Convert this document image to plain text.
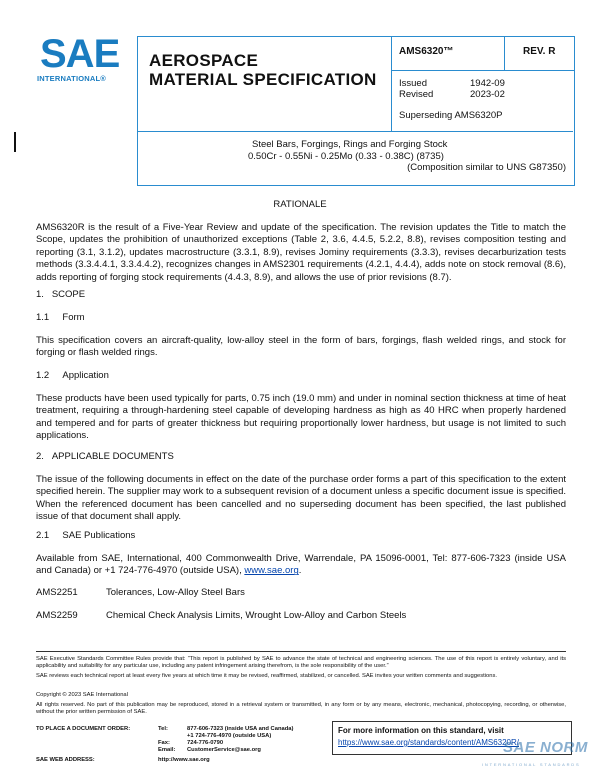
SAE
INTERNATIONAL®
AEROSPACE
MATERIAL SPECIFICATION
AMS6320™	REV. R
Issued	1942-09
Revised	2023-02
Superseding AMS6320P
Steel Bars, Forgings, Rings and Forging Stock
0.50Cr - 0.55Ni - 0.25Mo (0.33 - 0.38C) (8735)
(Composition similar to UNS G87350)
RATIONALE
AMS6320R is the result of a Five-Year Review and update of the specification. The revision updates the Title to match the Scope, updates the prohibition of unauthorized exceptions (Table 2, 3.6, 4.4.5, 5.2.2, 8.8), revises composition testing and reporting (3.1, 3.1.2), updates macrostructure (3.3.1, 8.9), revises Jominy requirements (3.3.3), revises decarburization tests methods (3.3.4.4.1, 3.3.4.4.2), recognizes changes in AMS2301 requirements (4.2.1, 4.4.4), adds note on stock removal (8.6), adds reporting of forging stock requirements (4.4.3, 8.9), and allows the use of prior revisions (8.7).
1.   SCOPE
1.1     Form
This specification covers an aircraft-quality, low-alloy steel in the form of bars, forgings, flash welded rings, and stock for forging or flash welded rings.
1.2     Application
These products have been used typically for parts, 0.75 inch (19.0 mm) and under in nominal section thickness at time of heat treatment, requiring a through-hardening steel capable of developing hardness as high as 40 HRC when properly hardened and tempered and for parts of greater thickness but requiring proportionally lower hardness, but usage is not limited to such applications.
2.   APPLICABLE DOCUMENTS
The issue of the following documents in effect on the date of the purchase order forms a part of this specification to the extent specified herein. The supplier may work to a subsequent revision of a document unless a specific document issue is specified. When the referenced document has been cancelled and no superseding document has been specified, the last published issue of that document shall apply.
2.1     SAE Publications
Available from SAE, International, 400 Commonwealth Drive, Warrendale, PA 15096-0001, Tel: 877-606-7323 (inside USA and Canada) or +1 724-776-4970 (outside USA), www.sae.org.
AMS2251	Tolerances, Low-Alloy Steel Bars
AMS2259	Chemical Check Analysis Limits, Wrought Low-Alloy and Carbon Steels
SAE Executive Standards Committee Rules provide that: “This report is published by SAE to advance the state of technical and engineering sciences. The use of this report is entirely voluntary, and its applicability and suitability for any particular use, including any patent infringement arising therefrom, is the sole responsibility of the user.”
SAE reviews each technical report at least every five years at which time it may be revised, reaffirmed, stabilized, or cancelled. SAE invites your written comments and suggestions.
Copyright © 2023 SAE International
All rights reserved. No part of this publication may be reproduced, stored in a retrieval system or transmitted, in any form or by any means, electronic, mechanical, photocopying, recording, or otherwise, without the prior written permission of SAE.
TO PLACE A DOCUMENT ORDER:	Tel:	877-606-7323 (inside USA and Canada)
+1 724-776-4970 (outside USA)
Fax:	724-776-0790
Email: CustomerService@sae.org
SAE WEB ADDRESS:	http://www.sae.org
For more information on this standard, visit
https://www.sae.org/standards/content/AMS6320R/
SAE NORM
INTERNATIONAL STANDARDS
